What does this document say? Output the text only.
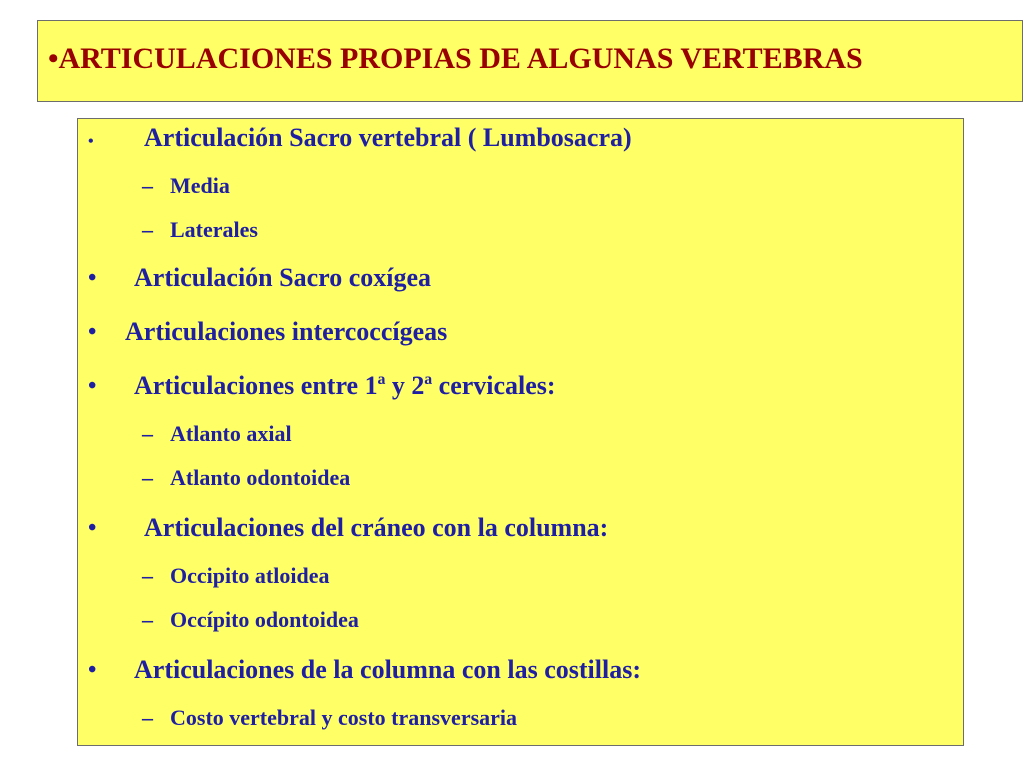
•ARTICULACIONES PROPIAS DE ALGUNAS VERTEBRAS
• Articulación Sacro vertebral ( Lumbosacra)
– Media
– Laterales
• Articulación Sacro coxígea
• Articulaciones intercoccígeas
• Articulaciones entre 1ª y 2ª cervicales:
– Atlanto axial
– Atlanto odontoidea
• Articulaciones del cráneo con la columna:
– Occipito atloidea
– Occípito odontoidea
• Articulaciones de la columna con las costillas:
– Costo vertebral y costo transversaria
